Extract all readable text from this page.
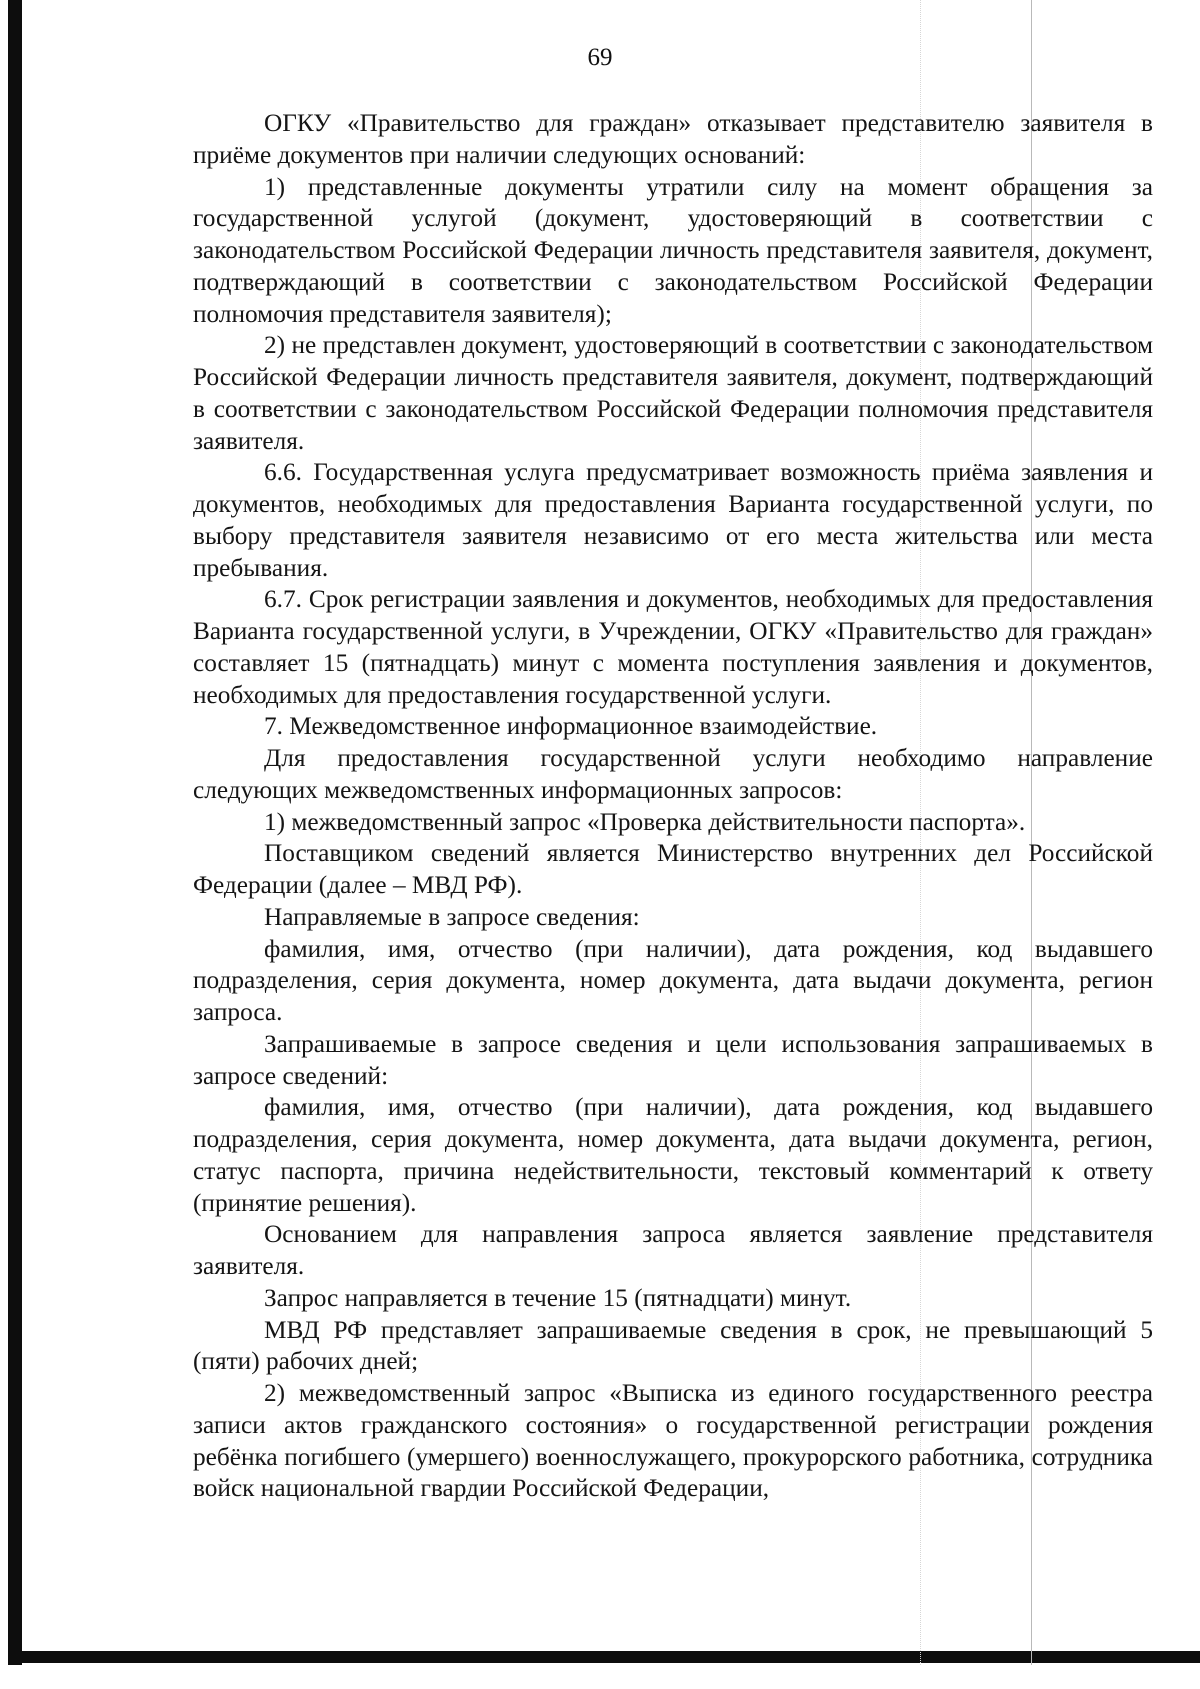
69

ОГКУ «Правительство для граждан» отказывает представителю заявителя в приёме документов при наличии следующих оснований:

1) представленные документы утратили силу на момент обращения за государственной услугой (документ, удостоверяющий в соответствии с законодательством Российской Федерации личность представителя заявителя, документ, подтверждающий в соответствии с законодательством Российской Федерации полномочия представителя заявителя);

2) не представлен документ, удостоверяющий в соответствии с законодательством Российской Федерации личность представителя заявителя, документ, подтверждающий в соответствии с законодательством Российской Федерации полномочия представителя заявителя.

6.6. Государственная услуга предусматривает возможность приёма заявления и документов, необходимых для предоставления Варианта государственной услуги, по выбору представителя заявителя независимо от его места жительства или места пребывания.

6.7. Срок регистрации заявления и документов, необходимых для предоставления Варианта государственной услуги, в Учреждении, ОГКУ «Правительство для граждан» составляет 15 (пятнадцать) минут с момента поступления заявления и документов, необходимых для предоставления государственной услуги.

7. Межведомственное информационное взаимодействие.

Для предоставления государственной услуги необходимо направление следующих межведомственных информационных запросов:

1) межведомственный запрос «Проверка действительности паспорта».

Поставщиком сведений является Министерство внутренних дел Российской Федерации (далее – МВД РФ).

Направляемые в запросе сведения:

фамилия, имя, отчество (при наличии), дата рождения, код выдавшего подразделения, серия документа, номер документа, дата выдачи документа, регион запроса.

Запрашиваемые в запросе сведения и цели использования запрашиваемых в запросе сведений:

фамилия, имя, отчество (при наличии), дата рождения, код выдавшего подразделения, серия документа, номер документа, дата выдачи документа, регион, статус паспорта, причина недействительности, текстовый комментарий к ответу (принятие решения).

Основанием для направления запроса является заявление представителя заявителя.

Запрос направляется в течение 15 (пятнадцати) минут.

МВД РФ представляет запрашиваемые сведения в срок, не превышающий 5 (пяти) рабочих дней;

2) межведомственный запрос «Выписка из единого государственного реестра записи актов гражданского состояния» о государственной регистрации рождения ребёнка погибшего (умершего) военнослужащего, прокурорского работника, сотрудника войск национальной гвардии Российской Федерации,
